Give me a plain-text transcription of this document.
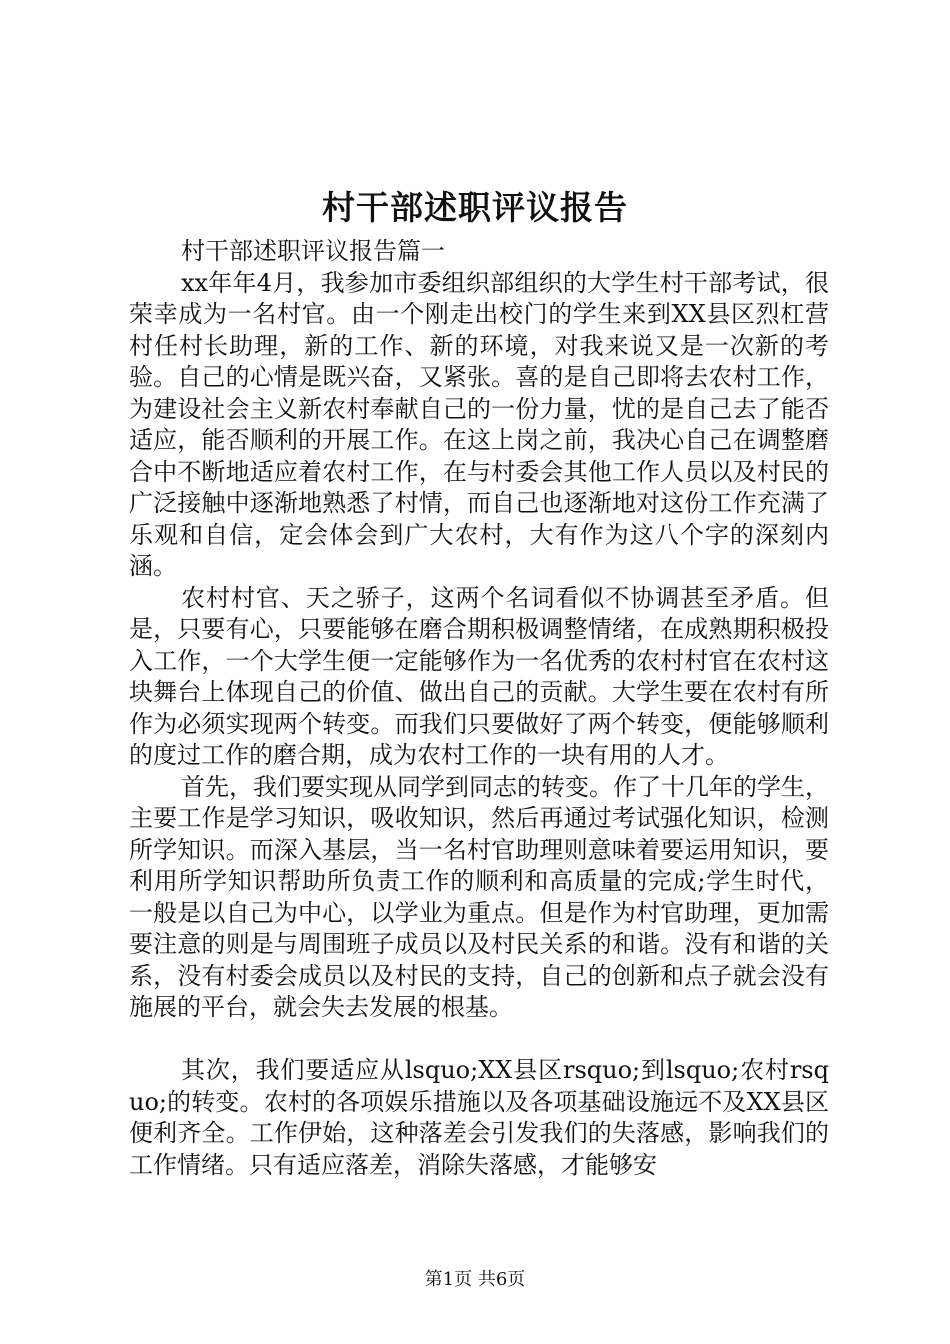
村干部述职评议报告

村干部述职评议报告篇一

xx年年4月，我参加市委组织部组织的大学生村干部考试，很荣幸成为一名村官。由一个刚走出校门的学生来到XX县区烈杠营村任村长助理，新的工作、新的环境，对我来说又是一次新的考验。自己的心情是既兴奋，又紧张。喜的是自己即将去农村工作，为建设社会主义新农村奉献自己的一份力量，忧的是自己去了能否适应，能否顺利的开展工作。在这上岗之前，我决心自己在调整磨合中不断地适应着农村工作，在与村委会其他工作人员以及村民的广泛接触中逐渐地熟悉了村情，而自己也逐渐地对这份工作充满了乐观和自信，定会体会到广大农村，大有作为这八个字的深刻内涵。

农村村官、天之骄子，这两个名词看似不协调甚至矛盾。但是，只要有心，只要能够在磨合期积极调整情绪，在成熟期积极投入工作，一个大学生便一定能够作为一名优秀的农村村官在农村这块舞台上体现自己的价值、做出自己的贡献。大学生要在农村有所作为必须实现两个转变。而我们只要做好了两个转变，便能够顺利的度过工作的磨合期，成为农村工作的一块有用的人才。

首先，我们要实现从同学到同志的转变。作了十几年的学生，主要工作是学习知识，吸收知识，然后再通过考试强化知识，检测所学知识。而深入基层，当一名村官助理则意味着要运用知识，要利用所学知识帮助所负责工作的顺利和高质量的完成;学生时代，一般是以自己为中心，以学业为重点。但是作为村官助理，更加需要注意的则是与周围班子成员以及村民关系的和谐。没有和谐的关系，没有村委会成员以及村民的支持，自己的创新和点子就会没有施展的平台，就会失去发展的根基。

其次，我们要适应从lsquo;XX县区rsquo;到lsquo;农村rsquo;的转变。农村的各项娱乐措施以及各项基础设施远不及XX县区便利齐全。工作伊始，这种落差会引发我们的失落感，影响我们的工作情绪。只有适应落差，消除失落感，才能够安

第1页 共6页
